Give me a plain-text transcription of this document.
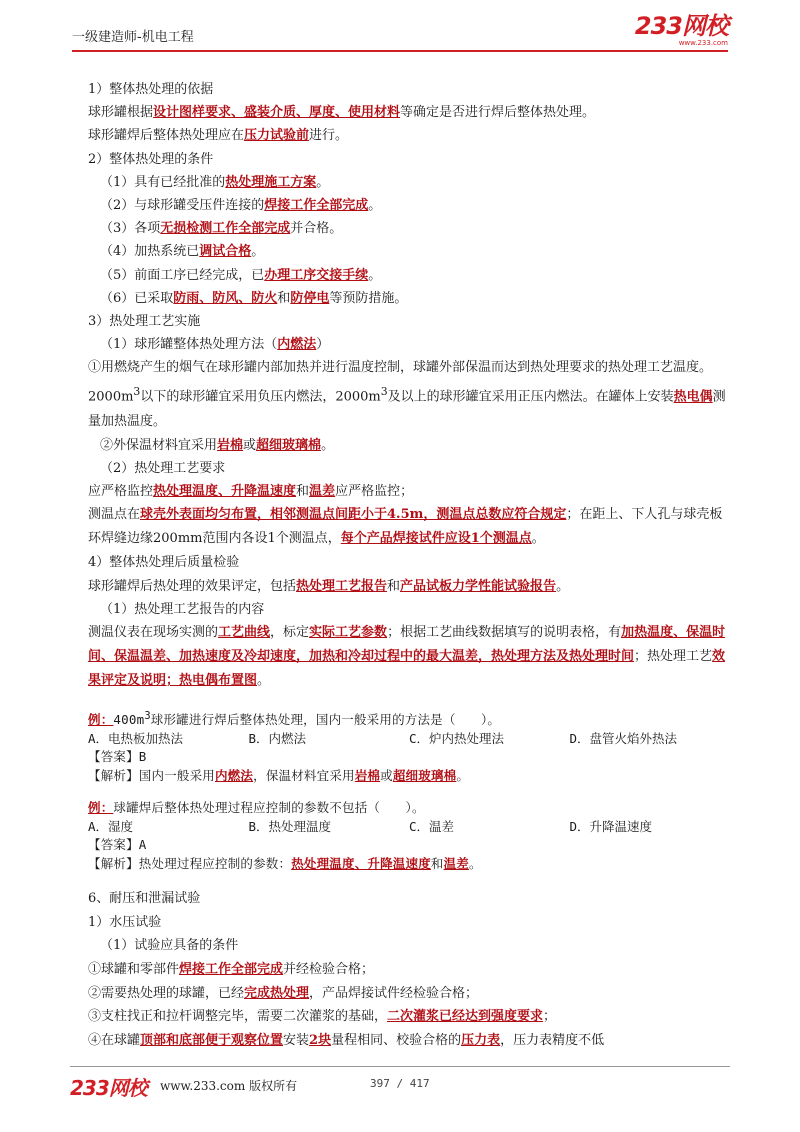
一级建造师-机电工程	233网校
www.233.com
1）整体热处理的依据
球形罐根据设计图样要求、盛装介质、厚度、使用材料等确定是否进行焊后整体热处理。
球形罐焊后整体热处理应在压力试验前进行。
2）整体热处理的条件
（1）具有已经批准的热处理施工方案。
（2）与球形罐受压件连接的焊接工作全部完成。
（3）各项无损检测工作全部完成并合格。
（4）加热系统已调试合格。
（5）前面工序已经完成，已办理工序交接手续。
（6）已采取防雨、防风、防火和防停电等预防措施。
3）热处理工艺实施
（1）球形罐整体热处理方法（内燃法）
①用燃烧产生的烟气在球形罐内部加热并进行温度控制，球罐外部保温而达到热处理要求的热处理工艺温度。$2000m^3$以下的球形罐宜采用负压内燃法，$2000m^3$及以上的球形罐宜采用正压内燃法。在罐体上安装热电偶测量加热温度。
②外保温材料宜采用岩棉或超细玻璃棉。
（2）热处理工艺要求
应严格监控热处理温度、升降温速度和温差应严格监控；
测温点在球壳外表面均匀布置，相邻测温点间距小于4.5m，测温点总数应符合规定；在距上、下人孔与球壳板环焊缝边缘200mm范围内各设1个测温点，每个产品焊接试件应设1个测温点。
4）整体热处理后质量检验
球形罐焊后热处理的效果评定，包括热处理工艺报告和产品试板力学性能试验报告。
（1）热处理工艺报告的内容
测温仪表在现场实测的工艺曲线，标定实际工艺参数；根据工艺曲线数据填写的说明表格，有加热温度、保温时间、保温温差、加热速度及冷却速度，加热和冷却过程中的最大温差，热处理方法及热处理时间；热处理工艺效果评定及说明；热电偶布置图。
例：$400m^3$球形罐进行焊后整体热处理，国内一般采用的方法是（　　）。
A．电热板加热法	B．内燃法	C．炉内热处理法	D．盘管火焰外热法
【答案】B
【解析】国内一般采用内燃法，保温材料宜采用岩棉或超细玻璃棉。
例：球罐焊后整体热处理过程应控制的参数不包括（　　）。
A．湿度	B．热处理温度	C．温差	D．升降温速度
【答案】A
【解析】热处理过程应控制的参数：热处理温度、升降温速度和温差。
6、耐压和泄漏试验
1）水压试验
（1）试验应具备的条件
①球罐和零部件焊接工作全部完成并经检验合格；
②需要热处理的球罐，已经完成热处理，产品焊接试件经检验合格；
③支柱找正和拉杆调整完毕，需要二次灌浆的基础，二次灌浆已经达到强度要求；
④在球罐顶部和底部便于观察位置安装2块量程相同、校验合格的压力表，压力表精度不低
233网校 www.233.com 版权所有	397 / 417
